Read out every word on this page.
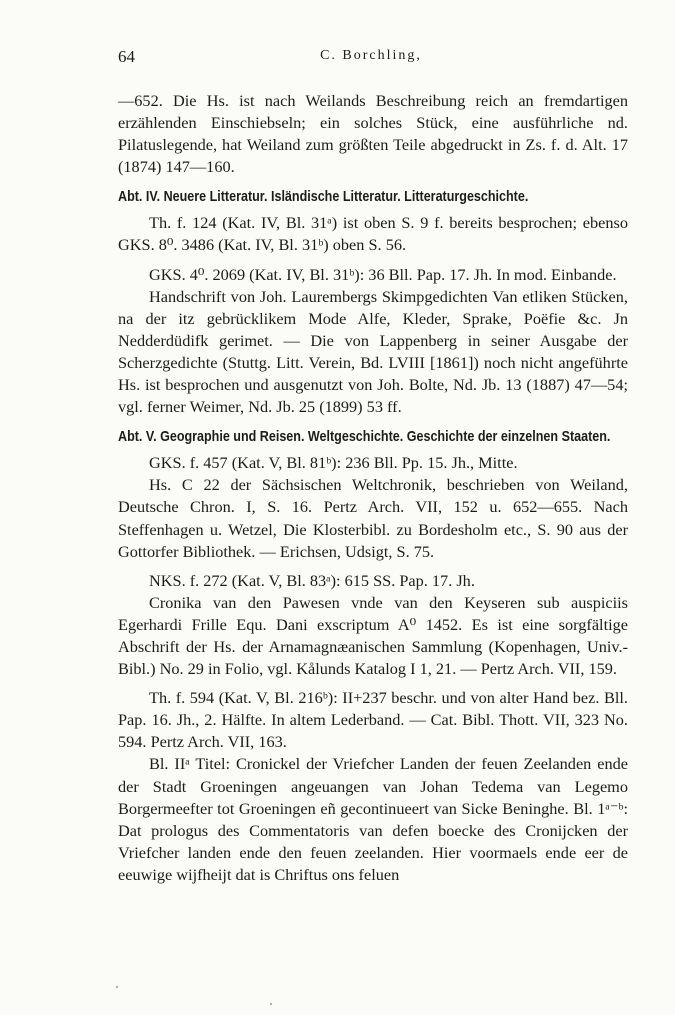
64	C. Borchling,

—652. Die Hs. ist nach Weilands Beschreibung reich an fremdartigen erzählenden Einschiebseln; ein solches Stück, eine ausführliche nd. Pilatuslegende, hat Weiland zum größten Teile abgedruckt in Zs. f. d. Alt. 17 (1874) 147—160.

Abt. IV. Neuere Litteratur. Isländische Litteratur. Litteraturgeschichte.

Th. f. 124 (Kat. IV, Bl. 31ᵃ) ist oben S. 9 f. bereits besprochen; ebenso GKS. 8⁰. 3486 (Kat. IV, Bl. 31ᵇ) oben S. 56.

GKS. 4⁰. 2069 (Kat. IV, Bl. 31ᵇ): 36 Bll. Pap. 17. Jh. In mod. Einbande.

Handschrift von Joh. Laurembergs Skimpgedichten Van etliken Stücken, na der itz gebrücklikem Mode Alfe, Kleder, Sprake, Poëfie &c. Jn Nedderdüdifk gerimet. — Die von Lappenberg in seiner Ausgabe der Scherzgedichte (Stuttg. Litt. Verein, Bd. LVIII [1861]) noch nicht angeführte Hs. ist besprochen und ausgenutzt von Joh. Bolte, Nd. Jb. 13 (1887) 47—54; vgl. ferner Weimer, Nd. Jb. 25 (1899) 53 ff.

Abt. V. Geographie und Reisen. Weltgeschichte. Geschichte der einzelnen Staaten.

GKS. f. 457 (Kat. V, Bl. 81ᵇ): 236 Bll. Pp. 15. Jh., Mitte.

Hs. C 22 der Sächsischen Weltchronik, beschrieben von Weiland, Deutsche Chron. I, S. 16. Pertz Arch. VII, 152 u. 652—655. Nach Steffenhagen u. Wetzel, Die Klosterbibl. zu Bordesholm etc., S. 90 aus der Gottorfer Bibliothek. — Erichsen, Udsigt, S. 75.

NKS. f. 272 (Kat. V, Bl. 83ᵃ): 615 SS. Pap. 17. Jh.

Cronika van den Pawesen vnde van den Keyseren sub auspiciis Egerhardi Frille Equ. Dani exscriptum A⁰ 1452. Es ist eine sorgfältige Abschrift der Hs. der Arnamagnæanischen Sammlung (Kopenhagen, Univ.-Bibl.) No. 29 in Folio, vgl. Kålunds Katalog I 1, 21. — Pertz Arch. VII, 159.

Th. f. 594 (Kat. V, Bl. 216ᵇ): II+237 beschr. und von alter Hand bez. Bll. Pap. 16. Jh., 2. Hälfte. In altem Lederband. — Cat. Bibl. Thott. VII, 323 No. 594. Pertz Arch. VII, 163.

Bl. IIᵃ Titel: Cronickel der Vriefcher Landen der feuen Zeelanden ende der Stadt Groeningen angeuangen van Johan Tedema van Legemo Borgermeefter tot Groeningen eñ gecontinueert van Sicke Beninghe. Bl. 1ᵃ⁻ᵇ: Dat prologus des Commentatoris van defen boecke des Cronijcken der Vriefcher landen ende den feuen zeelanden. Hier voormaels ende eer de eeuwige wijfheijt dat is Chriftus ons feluen
